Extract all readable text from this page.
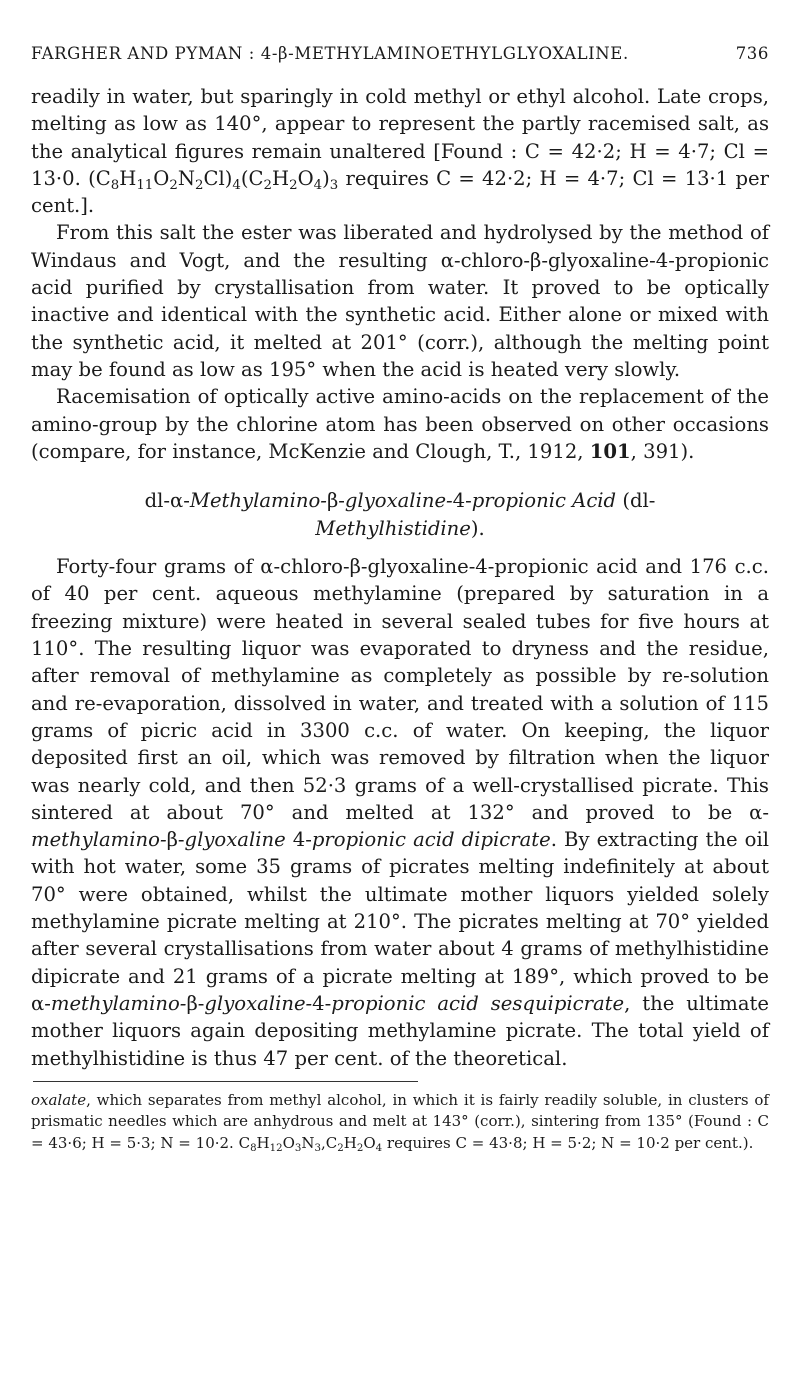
FARGHER AND PYMAN : 4-β-METHYLAMINOETHYLGLYOXALINE.	736

readily in water, but sparingly in cold methyl or ethyl alcohol. Late crops, melting as low as 140°, appear to represent the partly racemised salt, as the analytical figures remain unaltered [Found : C = 42·2; H = 4·7; Cl = 13·0. $(C_8H_{11}O_2N_2Cl)_4(C_2H_2O_4)_3$ requires C = 42·2; H = 4·7; Cl = 13·1 per cent.].

From this salt the ester was liberated and hydrolysed by the method of Windaus and Vogt, and the resulting α-chloro-β-glyoxaline-4-propionic acid purified by crystallisation from water. It proved to be optically inactive and identical with the synthetic acid. Either alone or mixed with the synthetic acid, it melted at 201° (corr.), although the melting point may be found as low as 195° when the acid is heated very slowly.

Racemisation of optically active amino-acids on the replacement of the amino-group by the chlorine atom has been observed on other occasions (compare, for instance, McKenzie and Clough, T., 1912, 101, 391).

dl-α-Methylamino-β-glyoxaline-4-propionic Acid (dl-Methylhistidine).

Forty-four grams of α-chloro-β-glyoxaline-4-propionic acid and 176 c.c. of 40 per cent. aqueous methylamine (prepared by saturation in a freezing mixture) were heated in several sealed tubes for five hours at 110°. The resulting liquor was evaporated to dryness and the residue, after removal of methylamine as completely as possible by re-solution and re-evaporation, dissolved in water, and treated with a solution of 115 grams of picric acid in 3300 c.c. of water. On keeping, the liquor deposited first an oil, which was removed by filtration when the liquor was nearly cold, and then 52·3 grams of a well-crystallised picrate. This sintered at about 70° and melted at 132° and proved to be α-methylamino-β-glyoxaline 4-propionic acid dipicrate. By extracting the oil with hot water, some 35 grams of picrates melting indefinitely at about 70° were obtained, whilst the ultimate mother liquors yielded solely methylamine picrate melting at 210°. The picrates melting at 70° yielded after several crystallisations from water about 4 grams of methylhistidine dipicrate and 21 grams of a picrate melting at 189°, which proved to be α-methylamino-β-glyoxaline-4-propionic acid sesquipicrate, the ultimate mother liquors again depositing methylamine picrate. The total yield of methylhistidine is thus 47 per cent. of the theoretical.

oxalate, which separates from methyl alcohol, in which it is fairly readily soluble, in clusters of prismatic needles which are anhydrous and melt at 143° (corr.), sintering from 135° (Found : C = 43·6; H = 5·3; N = 10·2. $C_8H_{12}O_3N_3,C_2H_2O_4$ requires C = 43·8; H = 5·2; N = 10·2 per cent.).
